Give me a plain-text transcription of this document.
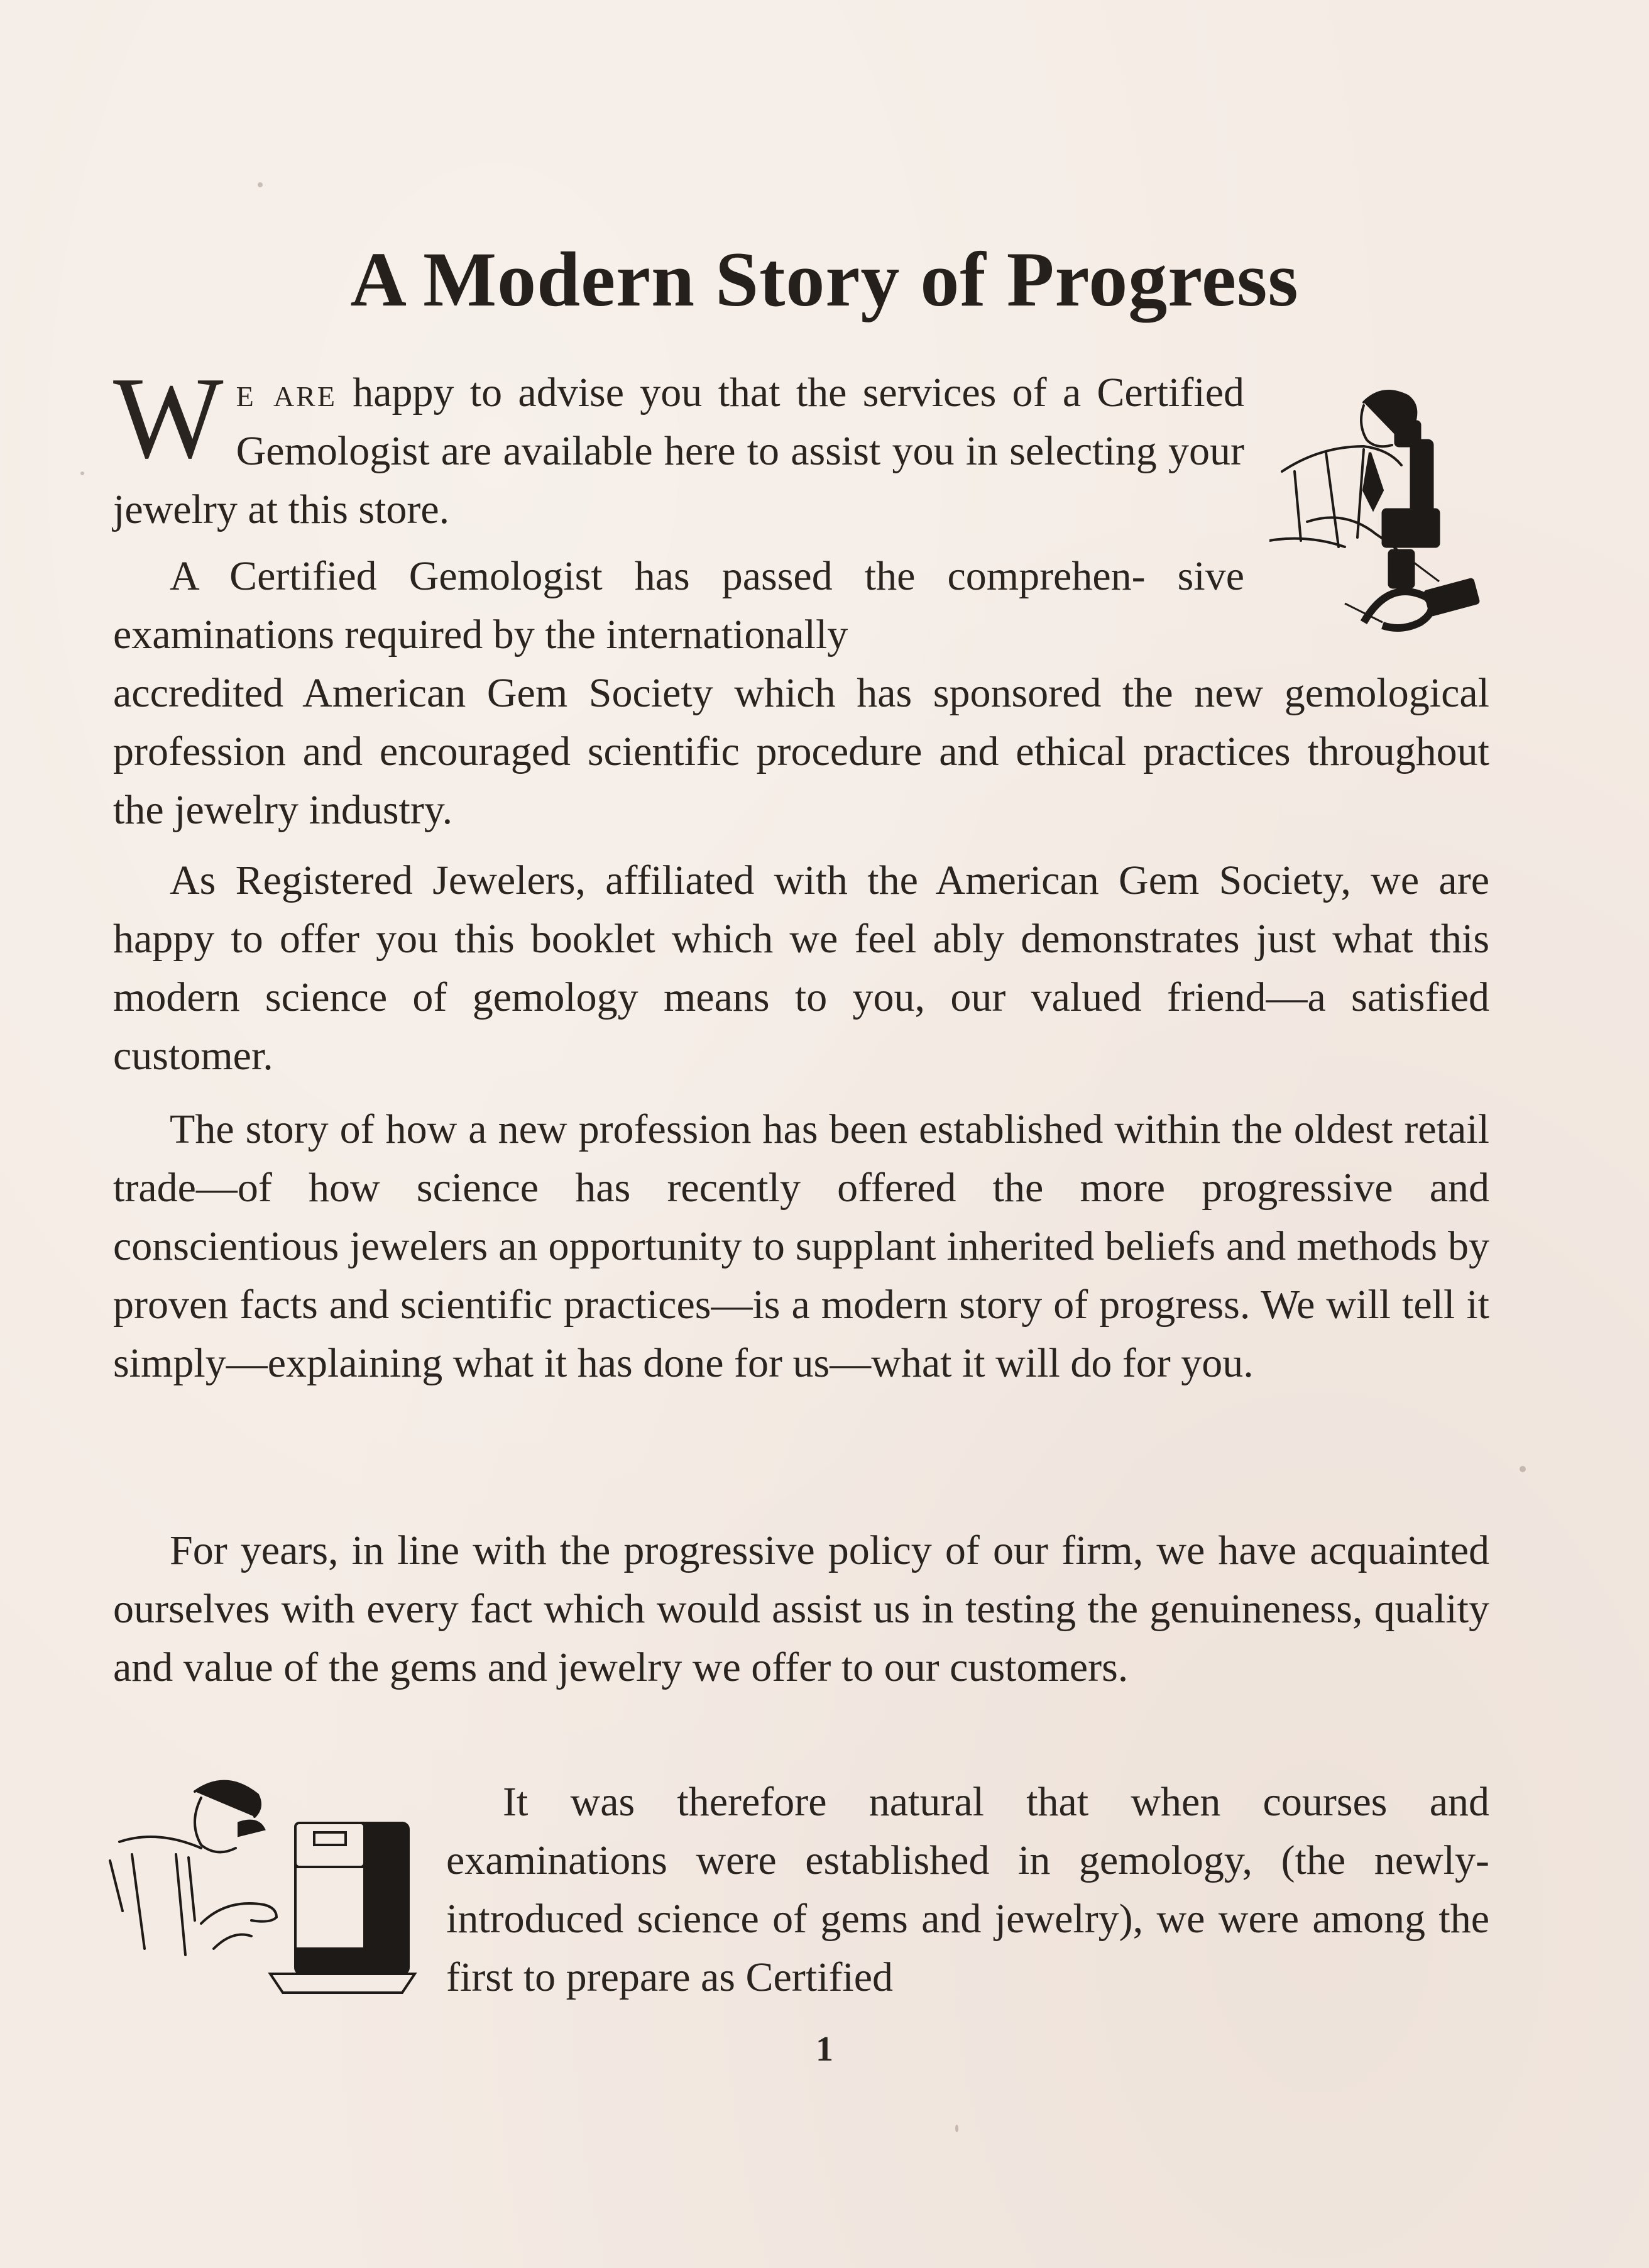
A Modern Story of Progress

We are happy to advise you that the services of a Certified Gemologist are available here to assist you in selecting your jewelry at this store.

A Certified Gemologist has passed the comprehen- sive examinations required by the internationally

accredited American Gem Society which has sponsored the new gemological profession and encouraged scientific procedure and ethical practices throughout the jewelry industry.

As Registered Jewelers, affiliated with the American Gem Society, we are happy to offer you this booklet which we feel ably demonstrates just what this modern science of gemology means to you, our valued friend—a satisfied customer.

The story of how a new profession has been established within the oldest retail trade—of how science has recently offered the more progressive and conscientious jewelers an opportunity to supplant inherited beliefs and methods by proven facts and scientific practices—is a modern story of progress. We will tell it simply—explaining what it has done for us—what it will do for you.

For years, in line with the progressive policy of our firm, we have acquainted ourselves with every fact which would assist us in testing the genuineness, quality and value of the gems and jewelry we offer to our customers.

It was therefore natural that when courses and examinations were established in gemology, (the newly-introduced science of gems and jewelry), we were among the first to prepare as Certified

1
